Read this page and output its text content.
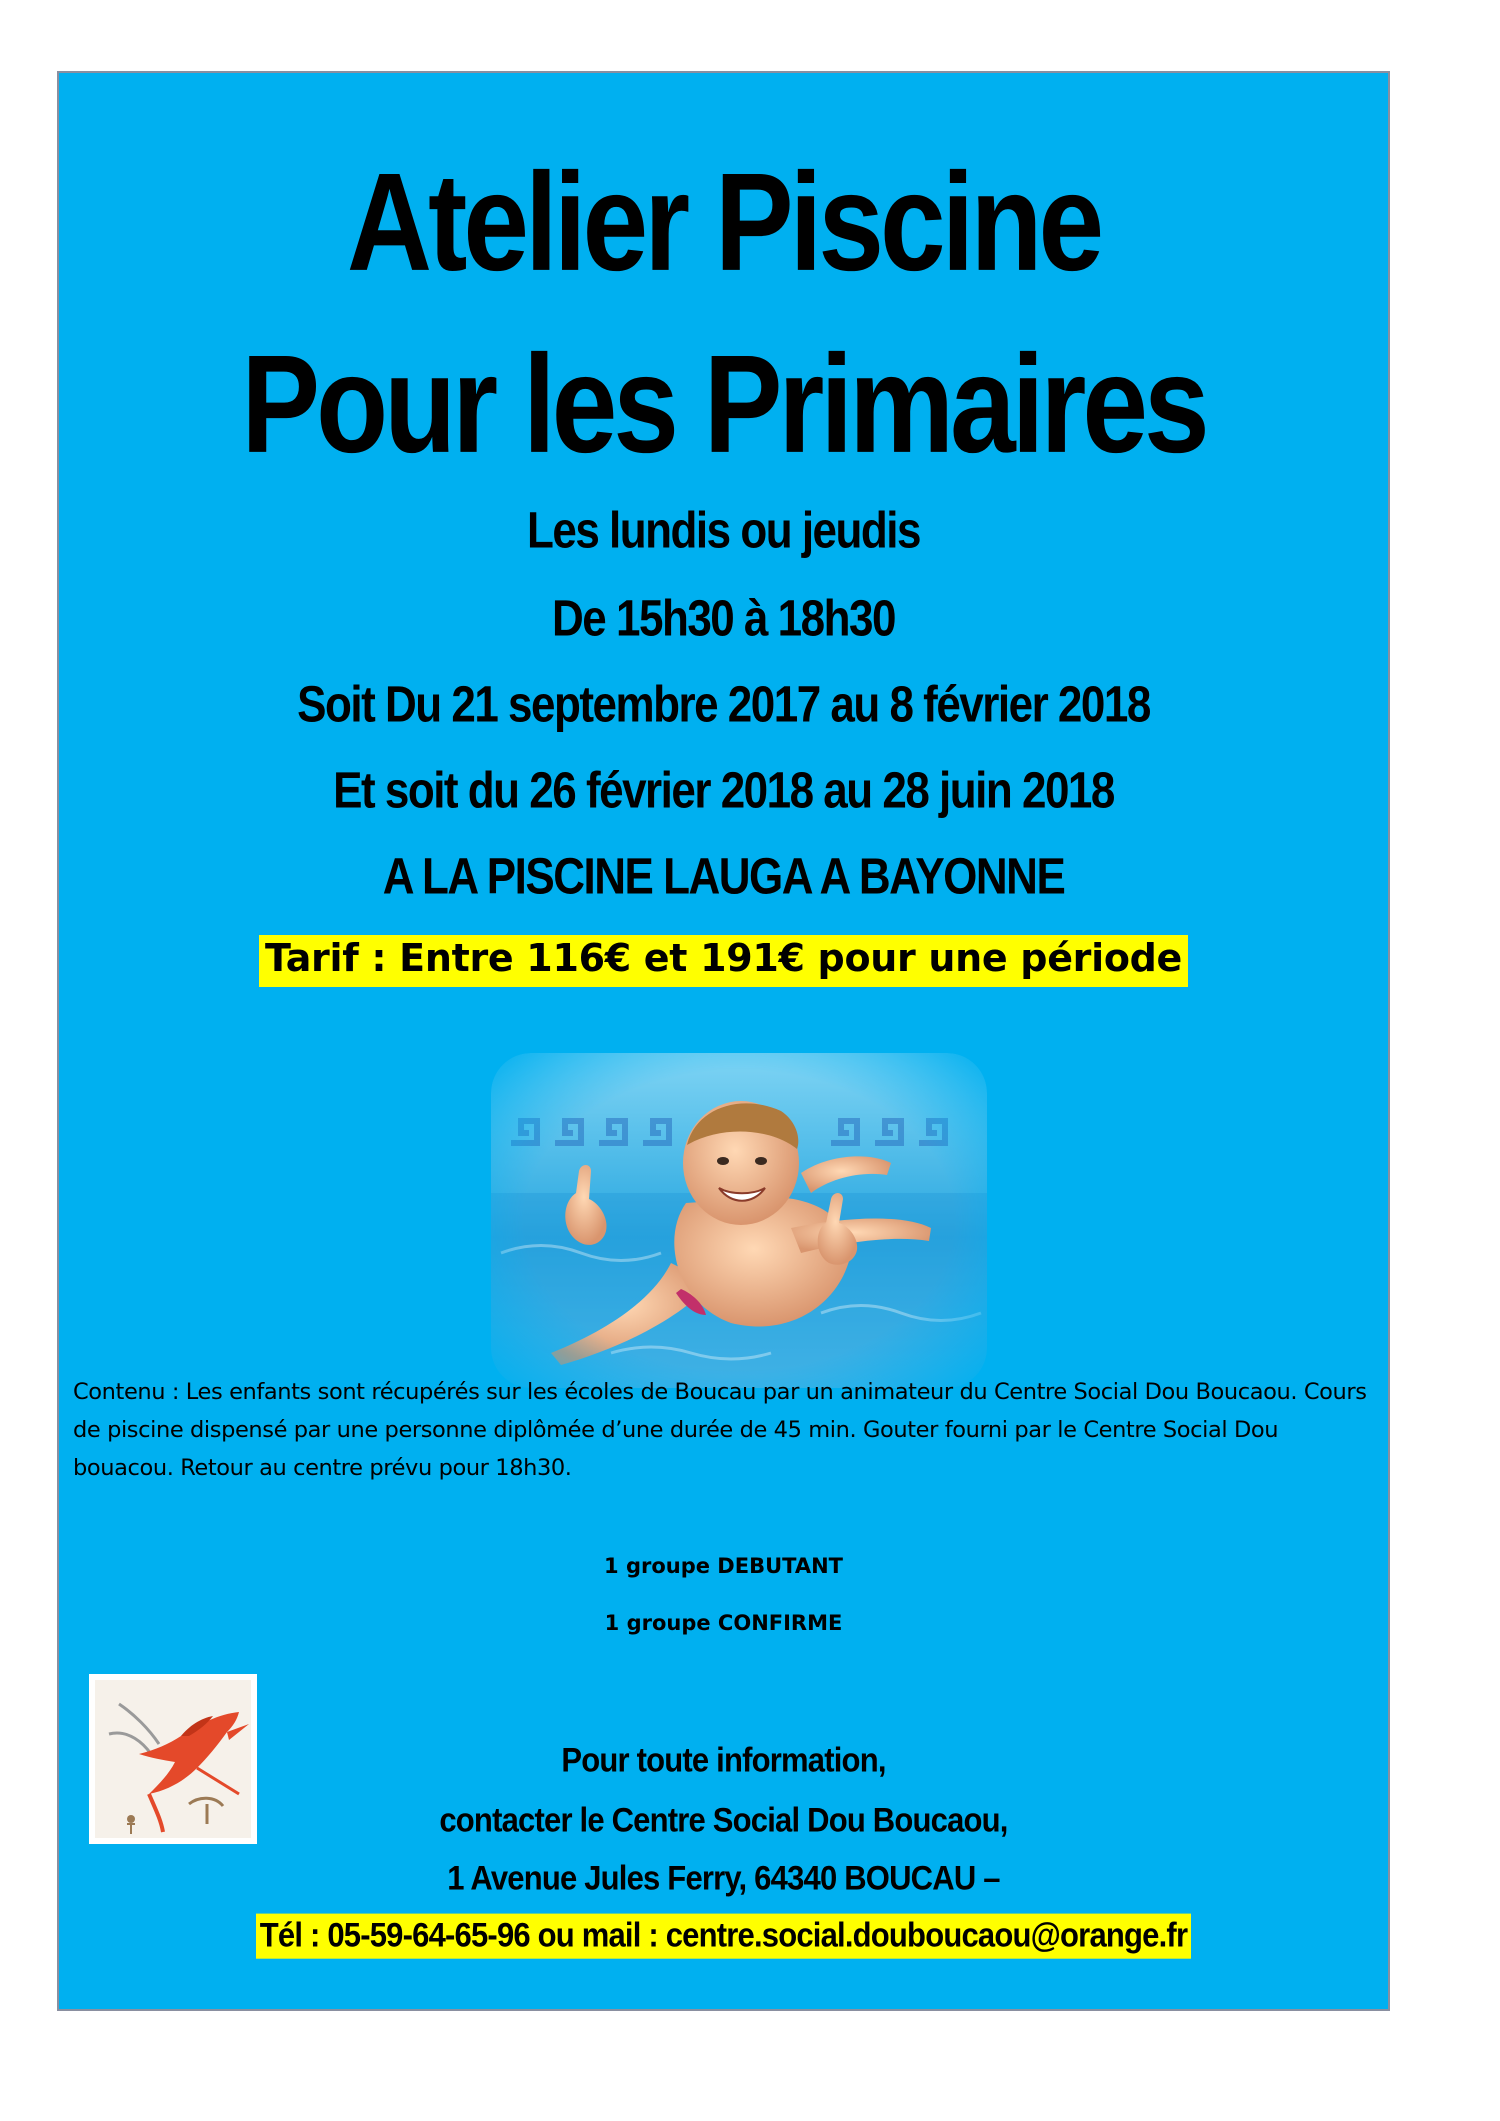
Atelier Piscine
Pour les Primaires
Les lundis ou jeudis
De 15h30 à 18h30
Soit Du 21 septembre 2017 au 8 février 2018
Et soit du 26 février 2018 au 28 juin 2018
A LA PISCINE LAUGA A BAYONNE
Tarif : Entre 116€ et 191€ pour une période
Contenu : Les enfants sont récupérés sur les écoles de Boucau par un animateur du Centre Social Dou Boucaou. Cours de piscine dispensé par une personne diplômée d’une durée de 45 min. Gouter fourni par le Centre Social Dou bouacou. Retour au centre prévu pour 18h30.
1 groupe DEBUTANT
1 groupe CONFIRME
Pour toute information,
contacter le Centre Social Dou Boucaou,
1 Avenue Jules Ferry, 64340 BOUCAU –
Tél : 05-59-64-65-96 ou mail : centre.social.douboucaou@orange.fr
